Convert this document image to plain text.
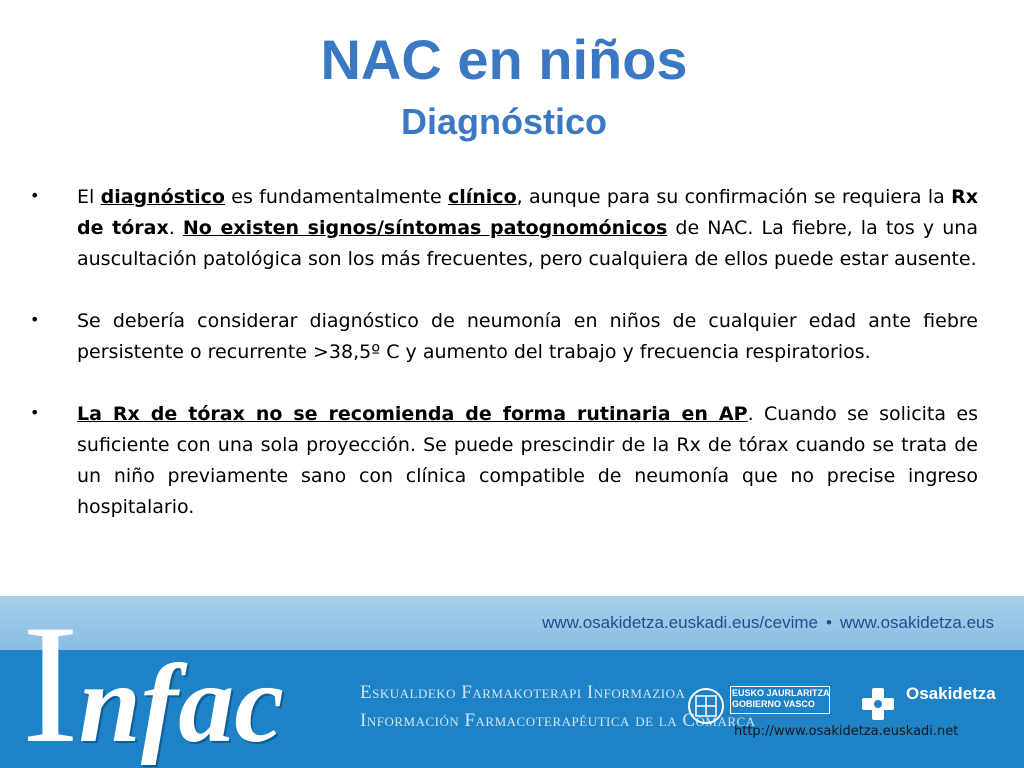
NAC en niños
Diagnóstico
• El diagnóstico es fundamentalmente clínico, aunque para su confirmación se requiera la Rx de tórax. No existen signos/síntomas patognomónicos de NAC. La fiebre, la tos y una auscultación patológica son los más frecuentes, pero cualquiera de ellos puede estar ausente.
• Se debería considerar diagnóstico de neumonía en niños de cualquier edad ante fiebre persistente o recurrente >38,5º C y aumento del trabajo y frecuencia respiratorios.
• La Rx de tórax no se recomienda de forma rutinaria en AP. Cuando se solicita es suficiente con una sola proyección. Se puede prescindir de la Rx de tórax cuando se trata de un niño previamente sano con clínica compatible de neumonía que no precise ingreso hospitalario.
www.osakidetza.euskadi.eus/cevime • www.osakidetza.eus
Infac	Eskualdeko Farmakoterapi Informazioa
Información Farmacoterapéutica de la Comarca
EUSKO JAURLARITZA
GOBIERNO VASCO
Osakidetza
http://www.osakidetza.euskadi.net
